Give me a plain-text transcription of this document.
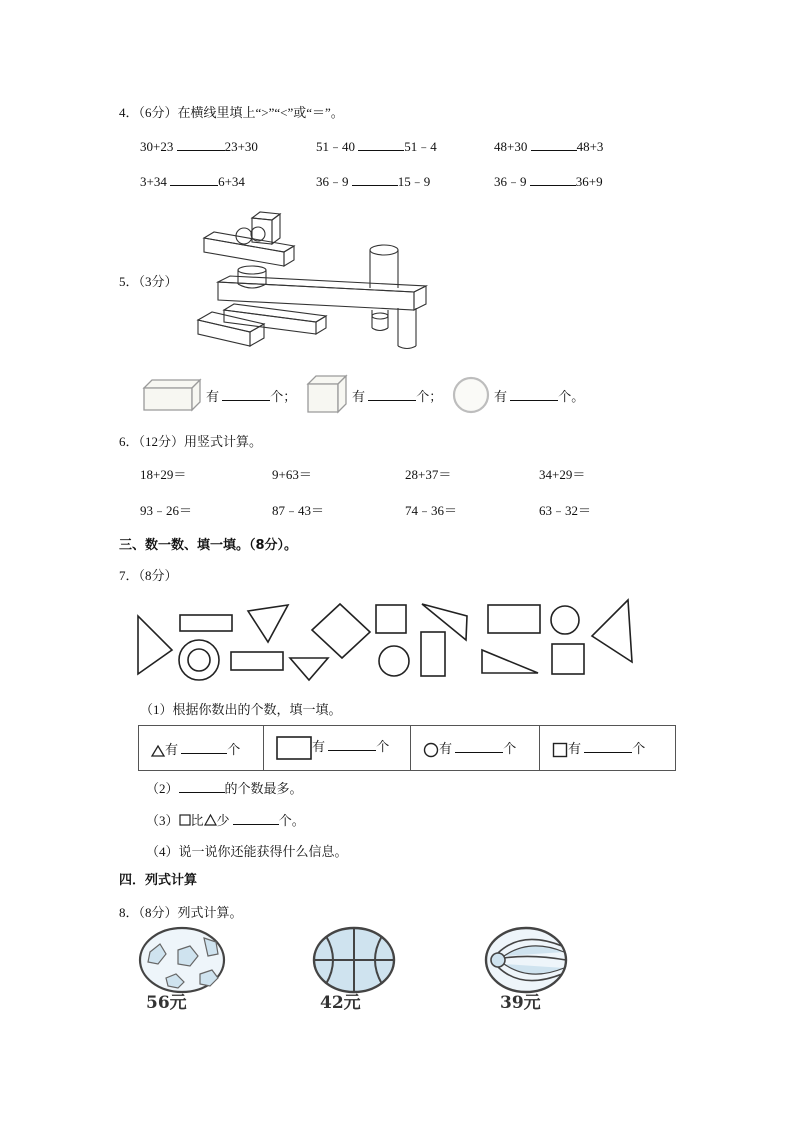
4．（6分）在横线里填上“>”“<”或“＝”。
30+23	23+30	51﹣40	51﹣4	48+30	48+3
3+34	6+34	36﹣9	15﹣9	36﹣9	36+9
5．（3分）
有	个；	有	个；	有	个。
6．（12分）用竖式计算。
18+29＝	9+63＝	28+37＝	34+29＝
93﹣26＝	87﹣43＝	74﹣36＝	63﹣32＝
三、数一数、填一填。（8分）。
7．（8分）
（1）根据你数出的个数，填一填。
有	个	有	个	有	个	有	个
（2）	的个数最多。
（3） 比 少	个。
（4）说一说你还能获得什么信息。
四．列式计算
8．（8分）列式计算。
56元	42元	39元
